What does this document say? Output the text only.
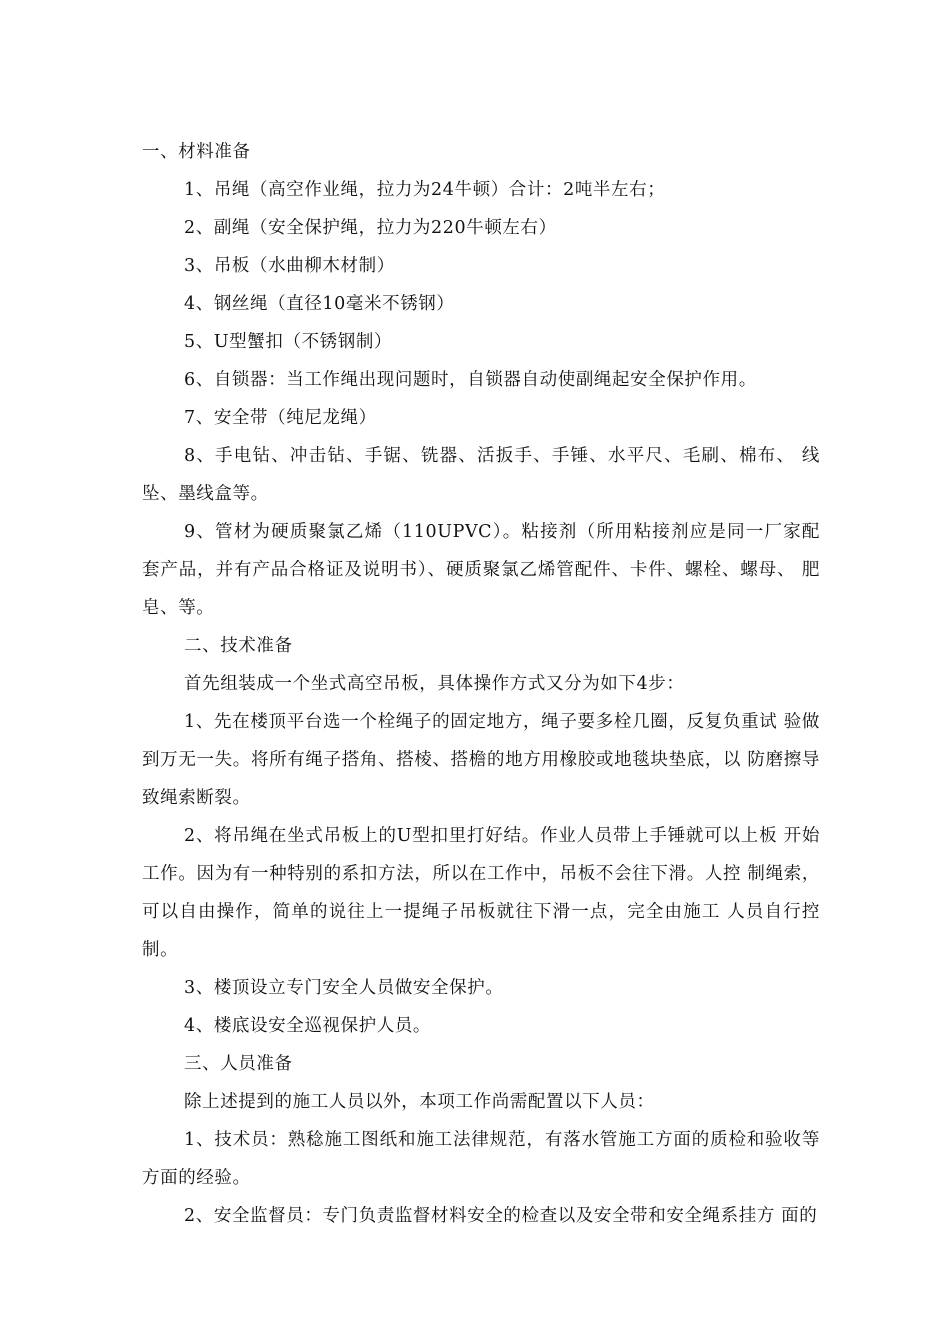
一、材料准备

1、吊绳（高空作业绳，拉力为24牛顿）合计：2吨半左右；

2、副绳（安全保护绳，拉力为220牛顿左右）

3、吊板（水曲柳木材制）

4、钢丝绳（直径10毫米不锈钢）

5、U型蟹扣（不锈钢制）

6、自锁器：当工作绳出现问题时，自锁器自动使副绳起安全保护作用。

7、安全带（纯尼龙绳）

8、手电钻、冲击钻、手锯、铣器、活扳手、手锤、水平尺、毛刷、棉布、 线坠、墨线盒等。

9、管材为硬质聚氯乙烯（110UPVC）。粘接剂（所用粘接剂应是同一厂家配 套产品，并有产品合格证及说明书）、硬质聚氯乙烯管配件、卡件、螺栓、螺母、 肥皂、等。

二、技术准备

首先组装成一个坐式高空吊板，具体操作方式又分为如下4步：

1、先在楼顶平台选一个栓绳子的固定地方，绳子要多栓几圈，反复负重试 验做到万无一失。将所有绳子搭角、搭棱、搭檐的地方用橡胶或地毯块垫底，以 防磨擦导致绳索断裂。

2、将吊绳在坐式吊板上的U型扣里打好结。作业人员带上手锤就可以上板 开始工作。因为有一种特别的系扣方法，所以在工作中，吊板不会往下滑。人控 制绳索，可以自由操作，简单的说往上一提绳子吊板就往下滑一点，完全由施工 人员自行控制。

3、楼顶设立专门安全人员做安全保护。

4、楼底设安全巡视保护人员。

三、人员准备

除上述提到的施工人员以外，本项工作尚需配置以下人员：

1、技术员：熟稔施工图纸和施工法律规范，有落水管施工方面的质检和验收等方面的经验。

2、安全监督员：专门负责监督材料安全的检查以及安全带和安全绳系挂方 面的
